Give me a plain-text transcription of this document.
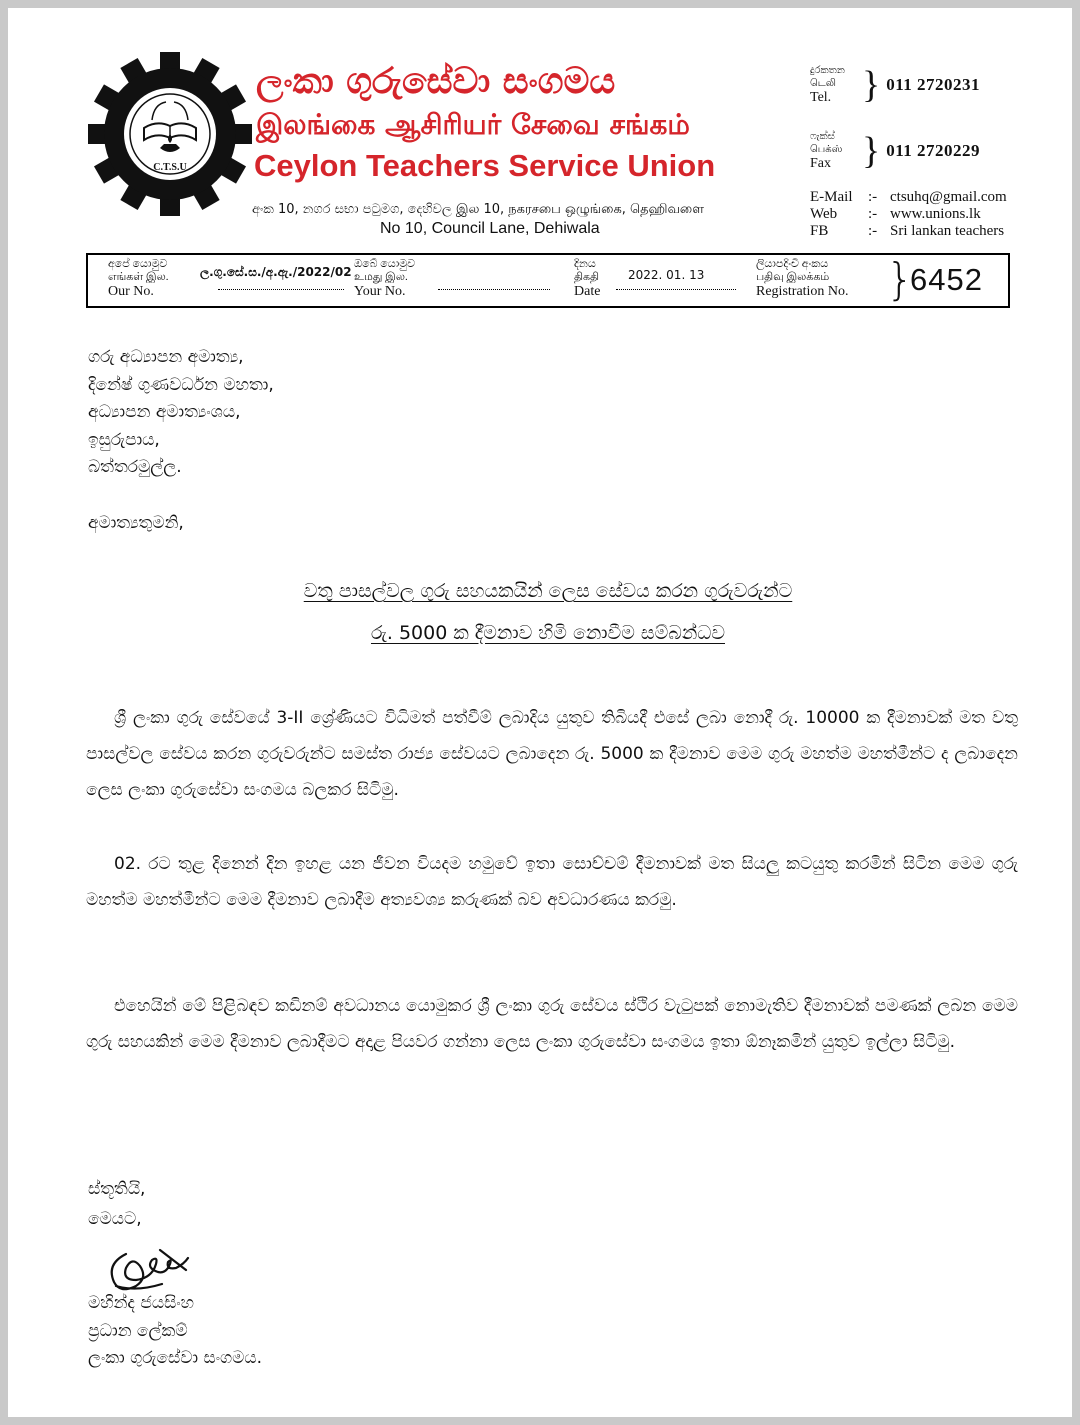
C.T.S.U
ලංකා ගුරුසේවා සංගමය
இலங்கை ஆசிரியர் சேவை சங்கம்
Ceylon Teachers Service Union
අංක 10, නගර සභා පටුමග, දෙහිවල இல 10, நகரசபை ஒழுங்கை, தெஹிவளை
No 10, Council Lane, Dehiwala
දුරකතන
டெலி
Tel. } 011 2720231
ෆැක්ස්
பெக்ஸ்
Fax } 011 2720229
E-Mail	:- ctsuhq@gmail.com
Web	:- www.unions.lk
FB	:- Sri lankan teachers
අපේ යොමුව
எங்கள் இல.
Our No.
ල.ගු.සේ.ස./අ.ඇ./2022/02
ඔබේ යොමුව
உமது இல.
Your No.
දිනය
திகதி
Date
2022. 01. 13
ලියාපදිංචි අංකය
பதிவு இலக்கம்
Registration No. }
6452
ගරු අධ්‍යාපන අමාත්‍ය,
දිනේෂ් ගුණවර්ධන මහතා,
අධ්‍යාපන අමාත්‍යංශය,
ඉසුරුපාය,
බත්තරමුල්ල.
අමාත්‍යතුමනි,
වතු පාසල්වල ගුරු සහයකයින් ලෙස සේවය කරන ගුරුවරුන්ට
රු. 5000 ක දීමනාව හිමි නොවීම සම්බන්ධව

ශ්‍රී ලංකා ගුරු සේවයේ 3-II ශ්‍රේණියට විධිමත් පත්වීම් ලබාදිය යුතුව තිබියදී එසේ ලබා නොදී රු. 10000 ක දීමනාවක් මත වතු පාසල්වල සේවය කරන ගුරුවරුන්ට සමස්ත රාජ්‍ය සේවයට ලබාදෙන රු. 5000 ක දීමනාව මෙම ගුරු මහත්ම මහත්මීන්ට ද ලබාදෙන ලෙස ලංකා ගුරුසේවා සංගමය බලකර සිටිමු.

02. රට තුළ දිනෙන් දින ඉහළ යන ජීවන වියදම හමුවේ ඉතා සොච්චම් දීමනාවක් මත සියලු කටයුතු කරමින් සිටින මෙම ගුරු මහත්ම මහත්මීන්ට මෙම දීමනාව ලබාදීම අත්‍යවශ්‍ය කරුණක් බව අවධාරණය කරමු.

එහෙයින් මේ පිළිබඳව කඩිනම් අවධානය යොමුකර ශ්‍රී ලංකා ගුරු සේවය ස්ථිර වැටුපක් නොමැතිව දීමනාවක් පමණක් ලබන මෙම ගුරු සහයකින් මෙම දීමනාව ලබාදීමට අදාළ පියවර ගන්නා ලෙස ලංකා ගුරුසේවා සංගමය ඉතා ඕනෑකමින් යුතුව ඉල්ලා සිටිමු.

ස්තූතියි,
මෙයට,
මහින්ද ජයසිංහ
ප්‍රධාන ලේකම්
ලංකා ගුරුසේවා සංගමය.
